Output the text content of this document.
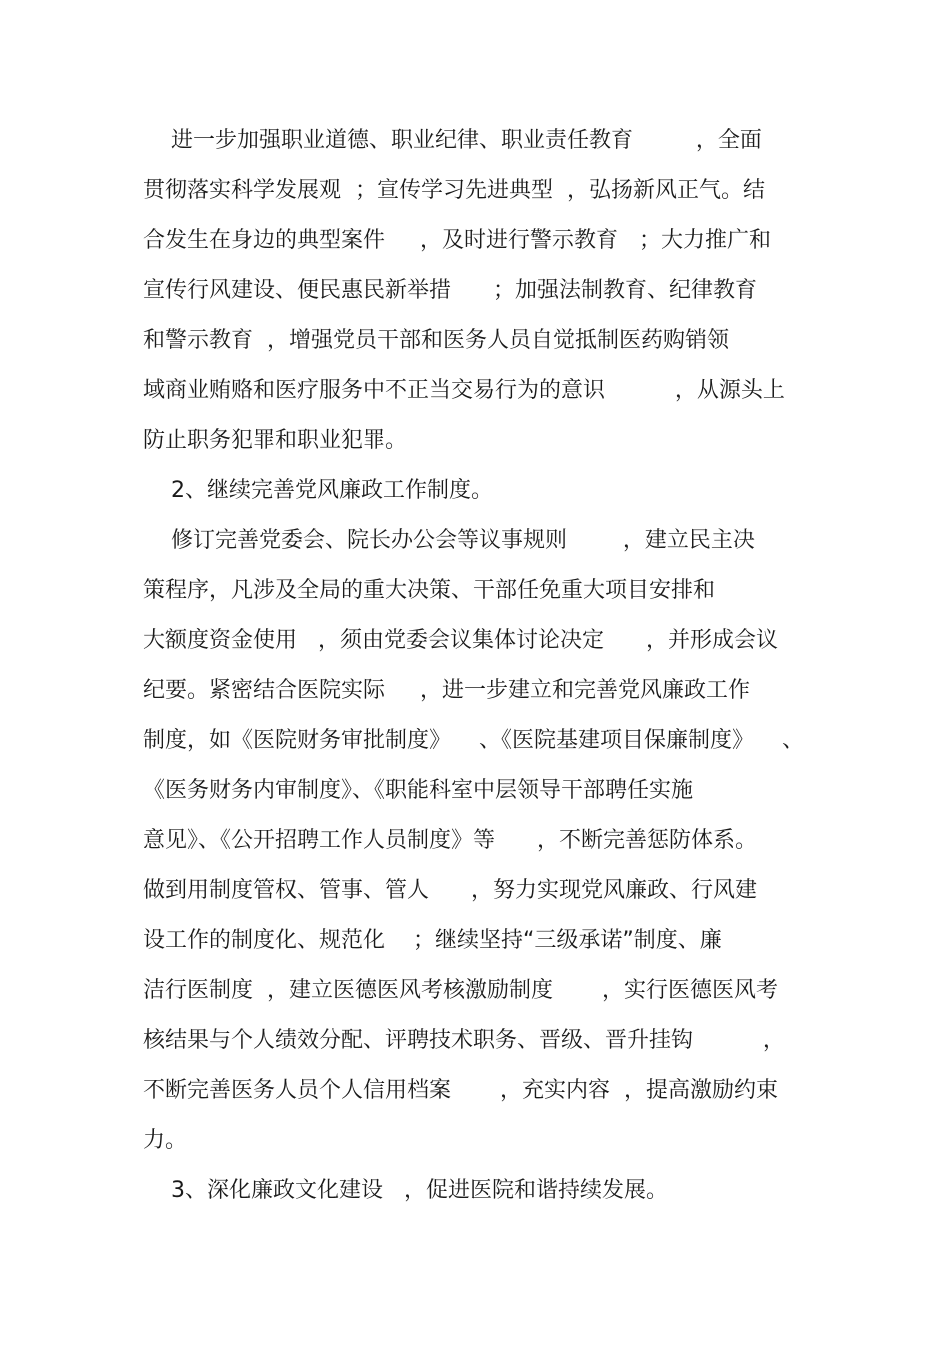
进一步加强职业道德、职业纪律、职业责任教育         ，全面
贯彻落实科学发展观  ；宣传学习先进典型  ，弘扬新风正气。结
合发生在身边的典型案件     ，及时进行警示教育   ；大力推广和
宣传行风建设、便民惠民新举措      ；加强法制教育、纪律教育
和警示教育  ，增强党员干部和医务人员自觉抵制医药购销领
域商业贿赂和医疗服务中不正当交易行为的意识          ，从源头上
防止职务犯罪和职业犯罪。
2、继续完善党风廉政工作制度。
修订完善党委会、院长办公会等议事规则        ，建立民主决
策程序，凡涉及全局的重大决策、干部任免重大项目安排和
大额度资金使用   ，须由党委会议集体讨论决定      ，并形成会议
纪要。紧密结合医院实际     ，进一步建立和完善党风廉政工作
制度，如《医院财务审批制度》    、《医院基建项目保廉制度》    、
《医务财务内审制度》、《职能科室中层领导干部聘任实施
意见》、《公开招聘工作人员制度》等      ，不断完善惩防体系。
做到用制度管权、管事、管人      ，努力实现党风廉政、行风建
设工作的制度化、规范化    ；继续坚持“三级承诺”制度、廉
洁行医制度  ，建立医德医风考核激励制度       ，实行医德医风考
核结果与个人绩效分配、评聘技术职务、晋级、晋升挂钩          ，
不断完善医务人员个人信用档案       ，充实内容  ，提高激励约束
力。
3、深化廉政文化建设   ，促进医院和谐持续发展。
